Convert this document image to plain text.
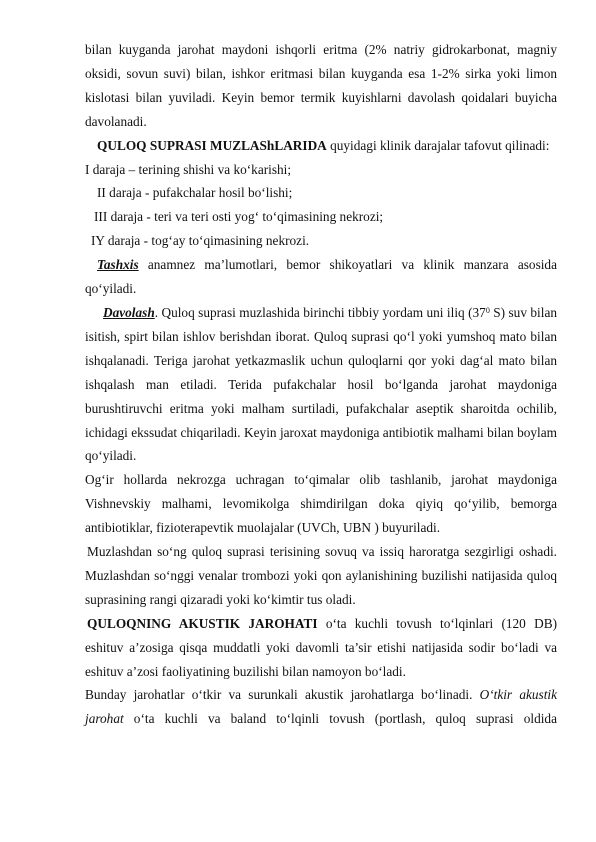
bilan kuyganda jarohat maydoni ishqorli eritma (2% natriy gidrokarbonat, magniy oksidi, sovun suvi) bilan, ishkor eritmasi bilan kuyganda esa 1-2% sirka yoki limon kislotasi bilan yuviladi. Keyin bemor termik kuyishlarni davolash qoidalari buyicha davolanadi.

QULOQ SUPRASI MUZLAShLARIDA quyidagi klinik darajalar tafovut qilinadi:

I daraja – terining shishi va ko‘karishi;

II daraja - pufakchalar hosil bo‘lishi;

III daraja - teri va teri osti yog‘ to‘qimasining nekrozi;

IY daraja - tog‘ay to‘qimasining nekrozi.

Tashxis anamnez ma’lumotlari, bemor shikoyatlari va klinik manzara asosida qo‘yiladi.

Davolash. Quloq suprasi muzlashida birinchi tibbiy yordam uni iliq ($37^0$ S) suv bilan isitish, spirt bilan ishlov berishdan iborat. Quloq suprasi qo‘l yoki yumshoq mato bilan ishqalanadi. Teriga jarohat yetkazmaslik uchun quloqlarni qor yoki dag‘al mato bilan ishqalash man etiladi. Terida pufakchalar hosil bo‘lganda jarohat maydoniga burushtiruvchi eritma yoki malham surtiladi, pufakchalar aseptik sharoitda ochilib, ichidagi ekssudat chiqariladi. Keyin jaroxat maydoniga antibiotik malhami bilan boylam qo‘yiladi.

Og‘ir hollarda nekrozga uchragan to‘qimalar olib tashlanib, jarohat maydoniga Vishnevskiy malhami, levomikolga shimdirilgan doka qiyiq qo‘yilib, bemorga antibiotiklar, fizioterapevtik muolajalar (UVCh, UBN ) buyuriladi.

Muzlashdan so‘ng quloq suprasi terisining sovuq va issiq haroratga sezgirligi oshadi. Muzlashdan so‘nggi venalar trombozi yoki qon aylanishining buzilishi natijasida quloq suprasining rangi qizaradi yoki ko‘kimtir tus oladi.

QULOQNING AKUSTIK JAROHATI o‘ta kuchli tovush to‘lqinlari (120 DB) eshituv a’zosiga qisqa muddatli yoki davomli ta’sir etishi natijasida sodir bo‘ladi va eshituv a’zosi faoliyatining buzilishi bilan namoyon bo‘ladi.

Bunday jarohatlar o‘tkir va surunkali akustik jarohatlarga bo‘linadi. O‘tkir akustik jarohat o‘ta kuchli va baland to‘lqinli tovush (portlash, quloq suprasi oldida
